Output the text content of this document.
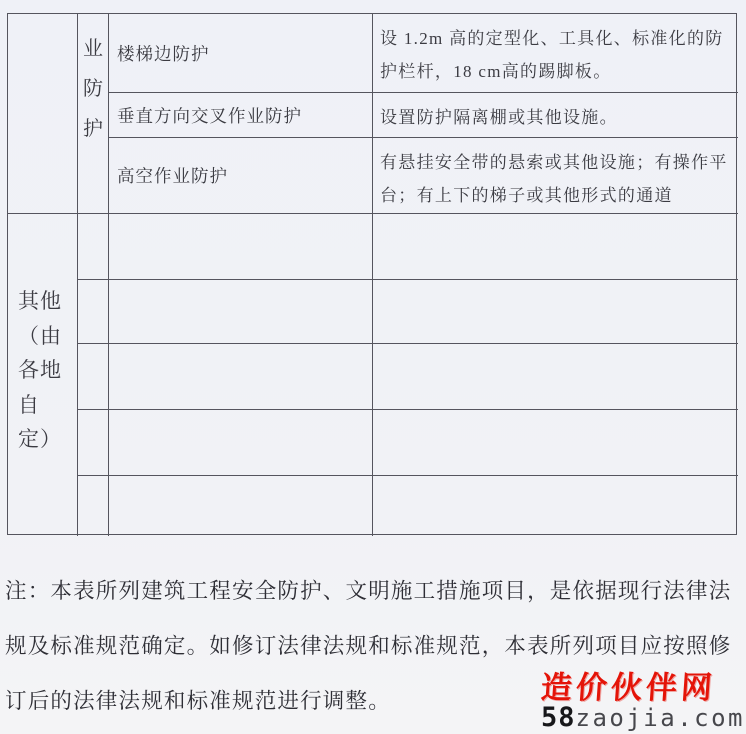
业
防
护
楼梯边防护
垂直方向交叉作业防护
高空作业防护
设 1.2m 高的定型化、工具化、标准化的防护栏杆，18 cm高的踢脚板。
设置防护隔离棚或其他设施。
有悬挂安全带的悬索或其他设施；有操作平台；有上下的梯子或其他形式的通道
其他
（由
各地
自
定）
注：本表所列建筑工程安全防护、文明施工措施项目，是依据现行法律法
规及标准规范确定。如修订法律法规和标准规范，本表所列项目应按照修
订后的法律法规和标准规范进行调整。	造价伙伴网
58zaojia.com
